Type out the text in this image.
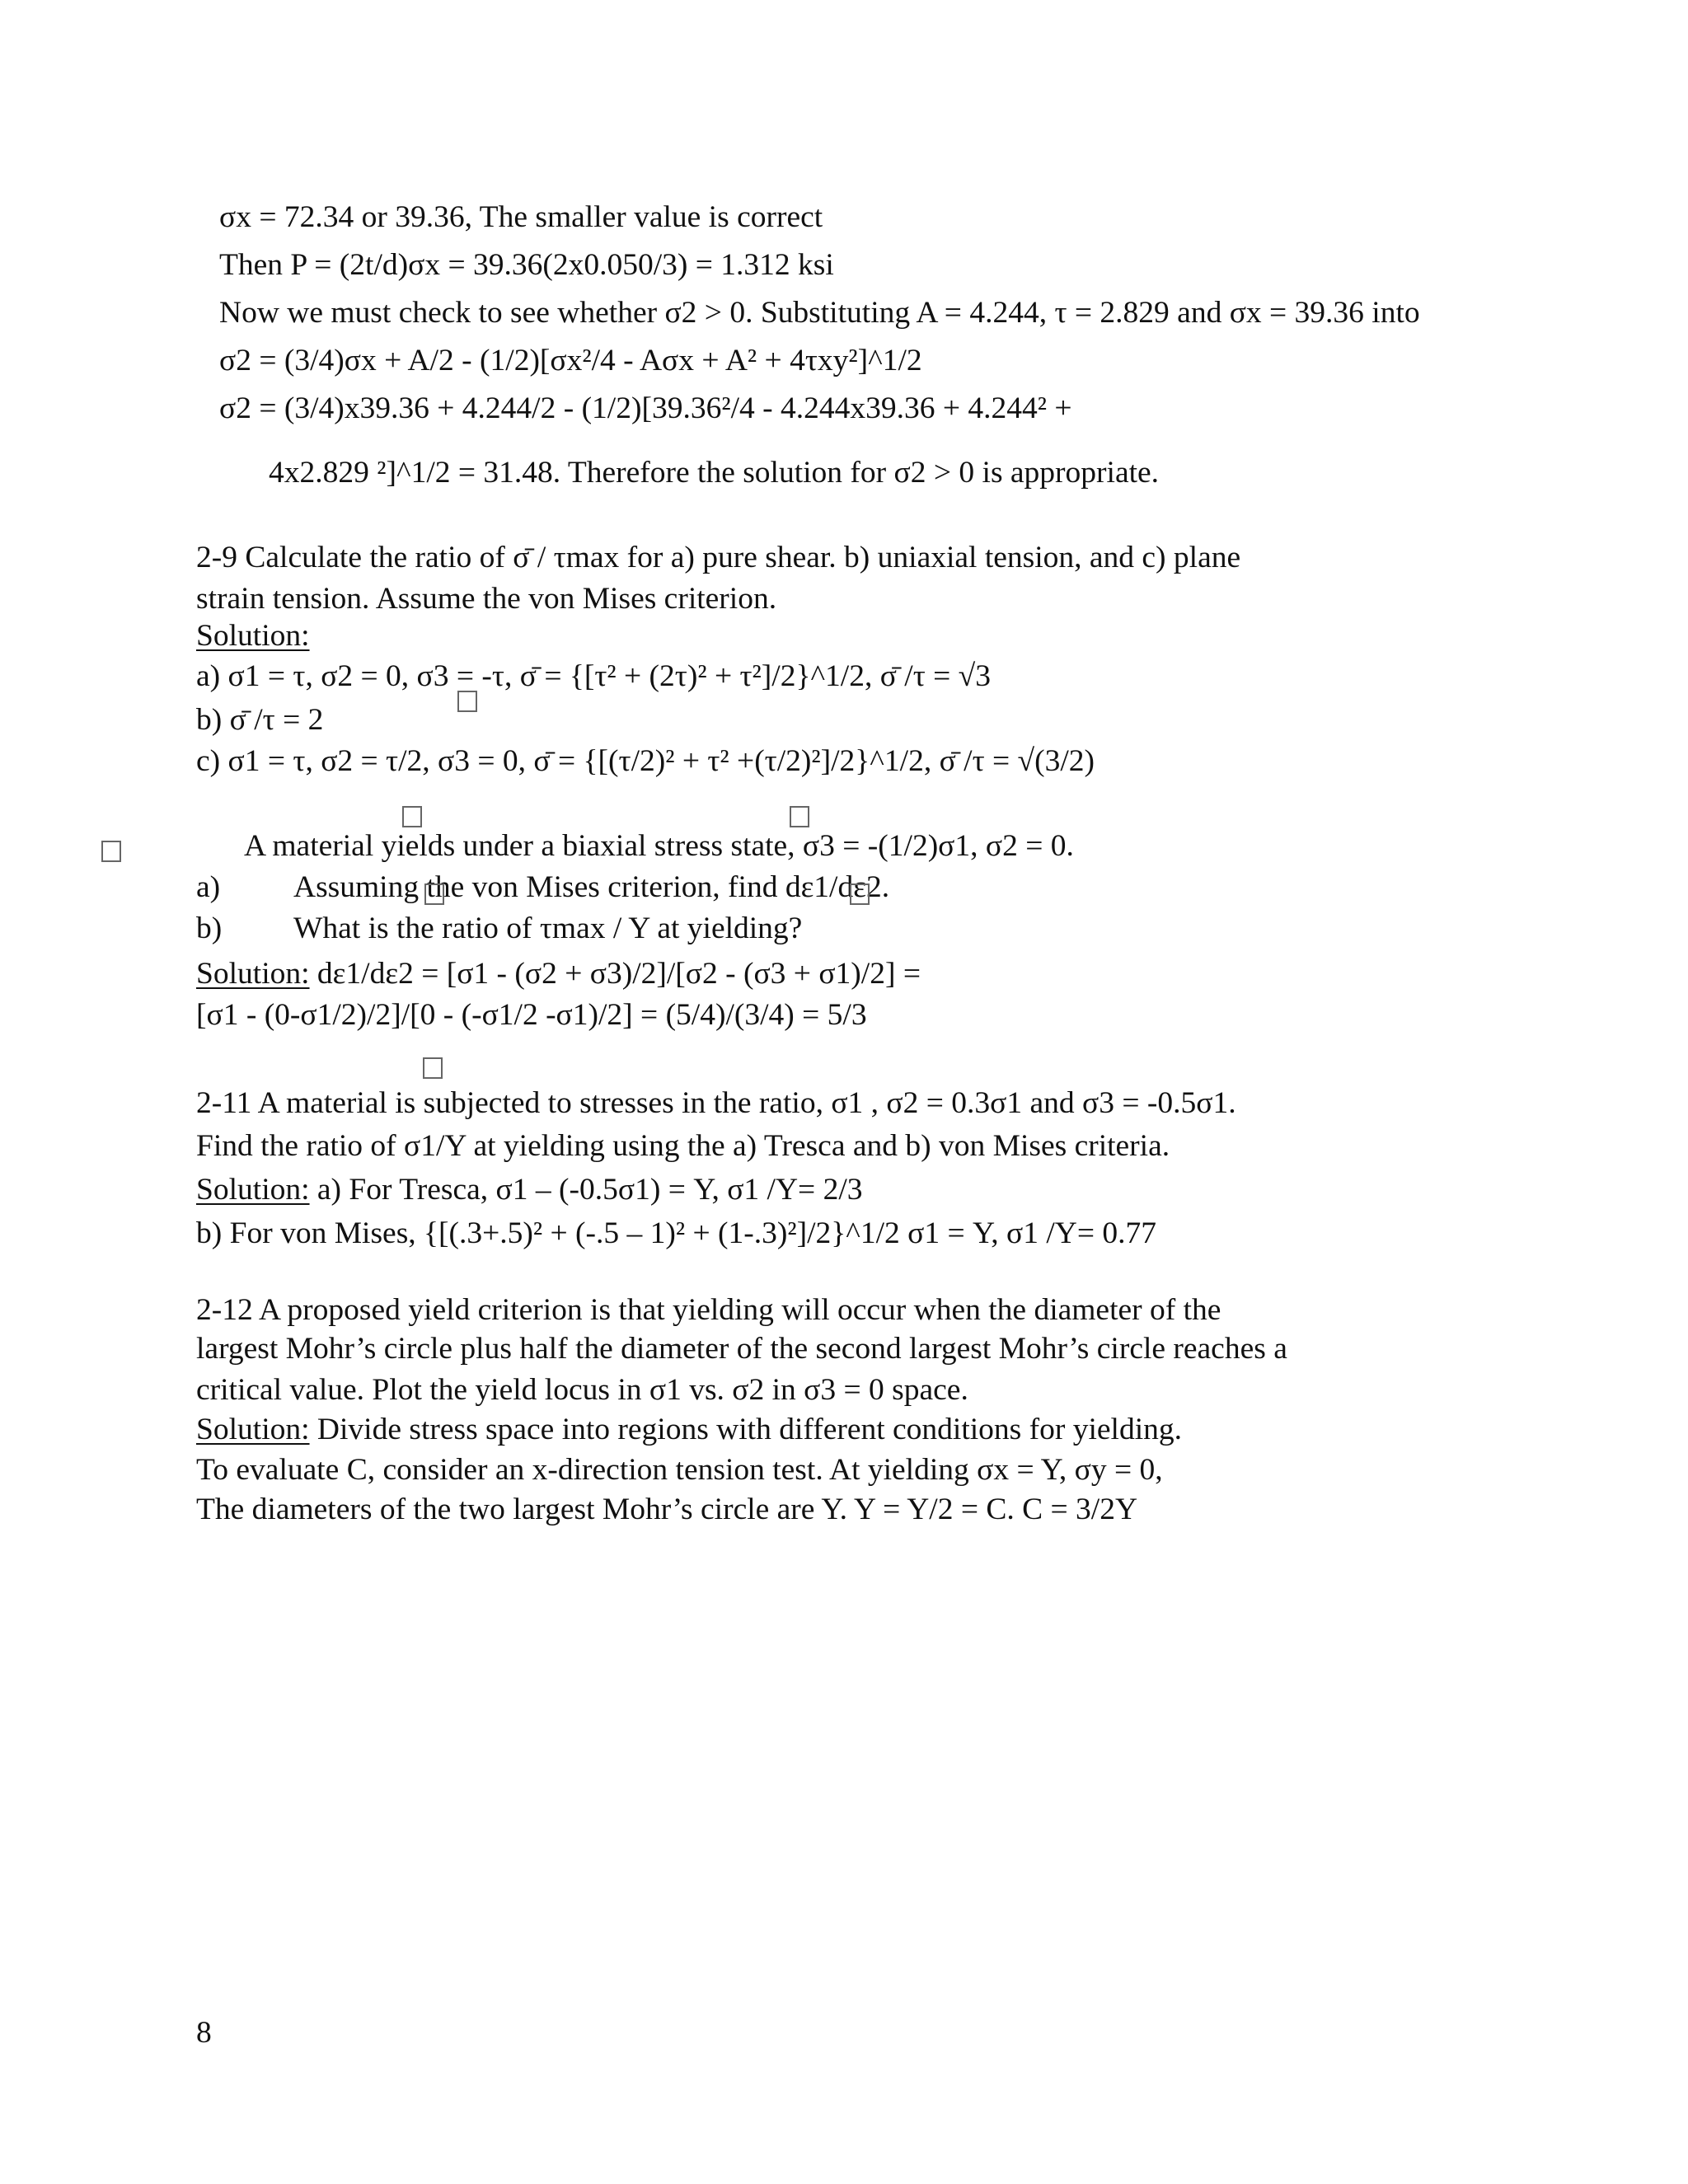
σx = 72.34 or 39.36, The smaller value is correct
Then P = (2t/d)σx = 39.36(2x0.050/3) = 1.312 ksi
Now we must check to see whether σ2 > 0. Substituting A = 4.244, τ = 2.829 and σx = 39.36 into
σ2 = (3/4)σx + A/2 - (1/2)[σx²/4 - Aσx + A² + 4τxy²]^1/2
σ2 = (3/4)x39.36 + 4.244/2 - (1/2)[39.36²/4 - 4.244x39.36 + 4.244² +
4x2.829 ²]^1/2 = 31.48. Therefore the solution for σ2 > 0 is appropriate.
2-9 Calculate the ratio of σ̄ / τmax for a) pure shear. b) uniaxial tension, and c) plane
strain tension. Assume the von Mises criterion.
Solution:
a) σ1 = τ, σ2 = 0, σ3 = -τ, σ̄ = {[τ² + (2τ)² + τ²]/2}^1/2, σ̄ /τ = √3
b) σ̄ /τ = 2
c) σ1 = τ, σ2 = τ/2, σ3 = 0, σ̄ = {[(τ/2)² + τ² +(τ/2)²]/2}^1/2, σ̄ /τ = √(3/2)
A material yields under a biaxial stress state, σ3 = -(1/2)σ1, σ2 = 0.
a) Assuming the von Mises criterion, find dε1/dε2.
b) What is the ratio of τmax / Y at yielding?
Solution: dε1/dε2 = [σ1 - (σ2 + σ3)/2]/[σ2 - (σ3 + σ1)/2] =
[σ1 - (0-σ1/2)/2]/[0 - (-σ1/2 -σ1)/2] = (5/4)/(3/4) = 5/3
2-11 A material is subjected to stresses in the ratio, σ1 , σ2 = 0.3σ1 and σ3 = -0.5σ1.
Find the ratio of σ1/Y at yielding using the a) Tresca and b) von Mises criteria.
Solution: a) For Tresca, σ1 – (-0.5σ1) = Y, σ1 /Y= 2/3
b) For von Mises, {[(.3+.5)² + (-.5 – 1)² + (1-.3)²]/2}^1/2 σ1 = Y, σ1 /Y= 0.77
2-12 A proposed yield criterion is that yielding will occur when the diameter of the
largest Mohr’s circle plus half the diameter of the second largest Mohr’s circle reaches a
critical value. Plot the yield locus in σ1 vs. σ2 in σ3 = 0 space.
Solution: Divide stress space into regions with different conditions for yielding.
To evaluate C, consider an x-direction tension test. At yielding σx = Y, σy = 0,
The diameters of the two largest Mohr’s circle are Y. Y = Y/2 = C. C = 3/2Y
8
